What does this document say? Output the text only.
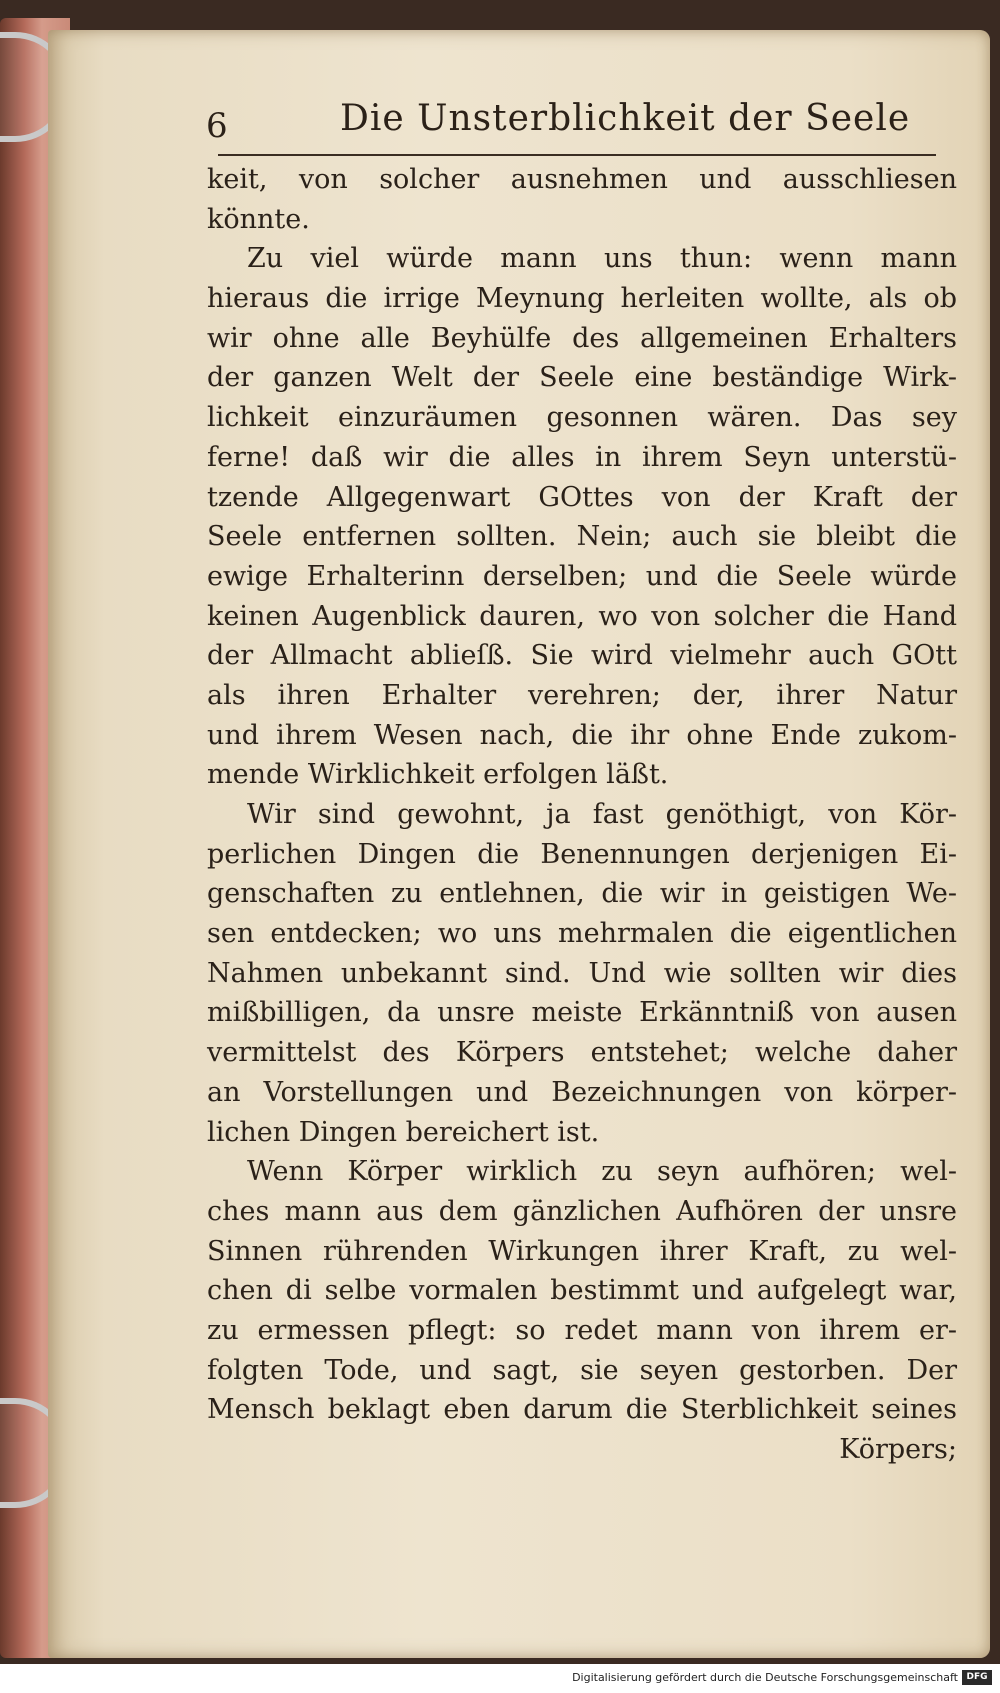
6	Die Unsterblichkeit der Seele
keit, von solcher ausnehmen und ausschliesen
könnte.
Zu viel würde mann uns thun: wenn mann
hieraus die irrige Meynung herleiten wollte, als ob
wir ohne alle Beyhülfe des allgemeinen Erhalters
der ganzen Welt der Seele eine beständige Wirk-
lichkeit einzuräumen gesonnen wären. Das sey
ferne! daß wir die alles in ihrem Seyn unterstü-
tzende Allgegenwart GOttes von der Kraft der
Seele entfernen sollten. Nein; auch sie bleibt die
ewige Erhalterinn derselben; und die Seele würde
keinen Augenblick dauren, wo von solcher die Hand
der Allmacht ablieſß. Sie wird vielmehr auch GOtt
als ihren Erhalter verehren; der, ihrer Natur
und ihrem Wesen nach, die ihr ohne Ende zukom-
mende Wirklichkeit erfolgen läßt.
Wir sind gewohnt, ja fast genöthigt, von Kör-
perlichen Dingen die Benennungen derjenigen Ei-
genschaften zu entlehnen, die wir in geistigen We-
sen entdecken; wo uns mehrmalen die eigentlichen
Nahmen unbekannt sind. Und wie sollten wir dies
mißbilligen, da unsre meiste Erkänntniß von ausen
vermittelst des Körpers entstehet; welche daher
an Vorstellungen und Bezeichnungen von körper-
lichen Dingen bereichert ist.
Wenn Körper wirklich zu seyn aufhören; wel-
ches mann aus dem gänzlichen Aufhören der unsre
Sinnen rührenden Wirkungen ihrer Kraft, zu wel-
chen di selbe vormalen bestimmt und aufgelegt war,
zu ermessen pflegt: so redet mann von ihrem er-
folgten Tode, und sagt, sie seyen gestorben. Der
Mensch beklagt eben darum die Sterblichkeit seines
Körpers;
Digitalisierung gefördert durch die Deutsche Forschungsgemeinschaft DFG
